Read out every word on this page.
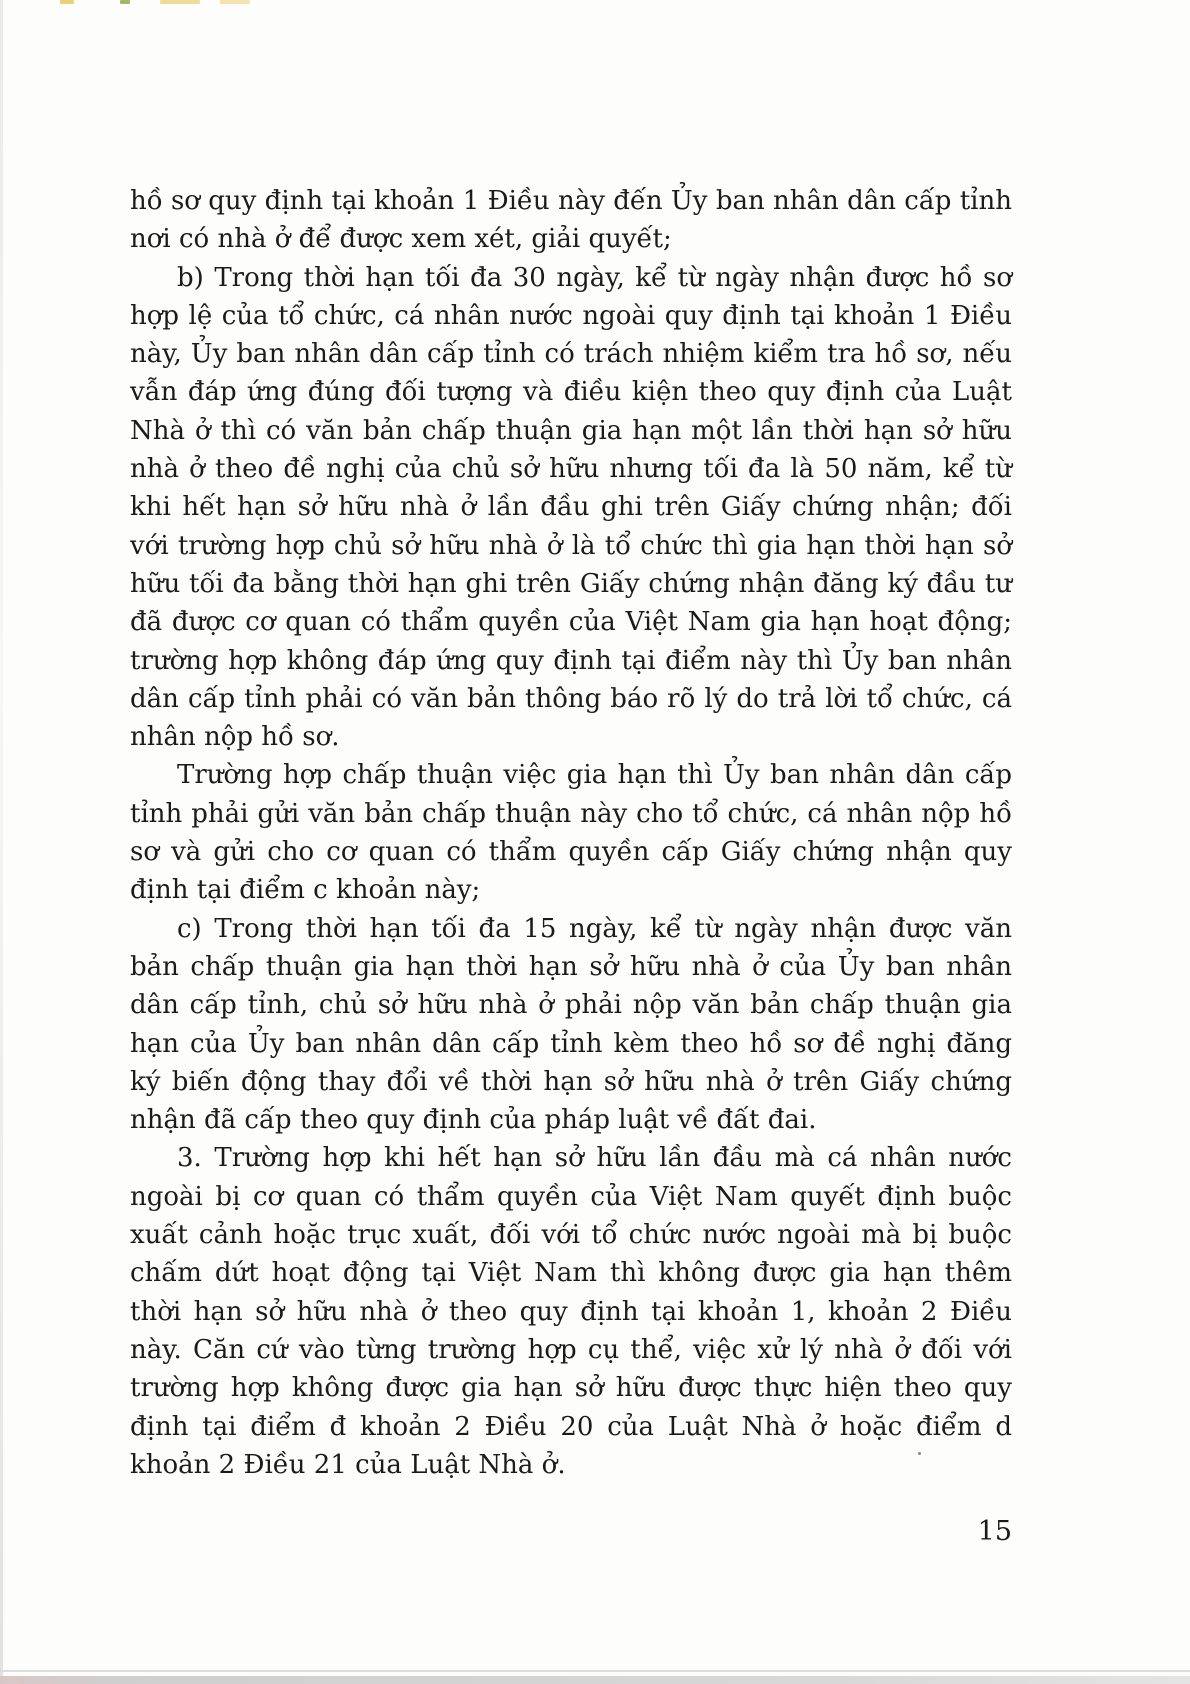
hồ sơ quy định tại khoản 1 Điều này đến Ủy ban nhân dân cấp tỉnh nơi có nhà ở để được xem xét, giải quyết;

b) Trong thời hạn tối đa 30 ngày, kể từ ngày nhận được hồ sơ hợp lệ của tổ chức, cá nhân nước ngoài quy định tại khoản 1 Điều này, Ủy ban nhân dân cấp tỉnh có trách nhiệm kiểm tra hồ sơ, nếu vẫn đáp ứng đúng đối tượng và điều kiện theo quy định của Luật Nhà ở thì có văn bản chấp thuận gia hạn một lần thời hạn sở hữu nhà ở theo đề nghị của chủ sở hữu nhưng tối đa là 50 năm, kể từ khi hết hạn sở hữu nhà ở lần đầu ghi trên Giấy chứng nhận; đối với trường hợp chủ sở hữu nhà ở là tổ chức thì gia hạn thời hạn sở hữu tối đa bằng thời hạn ghi trên Giấy chứng nhận đăng ký đầu tư đã được cơ quan có thẩm quyền của Việt Nam gia hạn hoạt động; trường hợp không đáp ứng quy định tại điểm này thì Ủy ban nhân dân cấp tỉnh phải có văn bản thông báo rõ lý do trả lời tổ chức, cá nhân nộp hồ sơ.

Trường hợp chấp thuận việc gia hạn thì Ủy ban nhân dân cấp tỉnh phải gửi văn bản chấp thuận này cho tổ chức, cá nhân nộp hồ sơ và gửi cho cơ quan có thẩm quyền cấp Giấy chứng nhận quy định tại điểm c khoản này;

c) Trong thời hạn tối đa 15 ngày, kể từ ngày nhận được văn bản chấp thuận gia hạn thời hạn sở hữu nhà ở của Ủy ban nhân dân cấp tỉnh, chủ sở hữu nhà ở phải nộp văn bản chấp thuận gia hạn của Ủy ban nhân dân cấp tỉnh kèm theo hồ sơ đề nghị đăng ký biến động thay đổi về thời hạn sở hữu nhà ở trên Giấy chứng nhận đã cấp theo quy định của pháp luật về đất đai.

3. Trường hợp khi hết hạn sở hữu lần đầu mà cá nhân nước ngoài bị cơ quan có thẩm quyền của Việt Nam quyết định buộc xuất cảnh hoặc trục xuất, đối với tổ chức nước ngoài mà bị buộc chấm dứt hoạt động tại Việt Nam thì không được gia hạn thêm thời hạn sở hữu nhà ở theo quy định tại khoản 1, khoản 2 Điều này. Căn cứ vào từng trường hợp cụ thể, việc xử lý nhà ở đối với trường hợp không được gia hạn sở hữu được thực hiện theo quy định tại điểm đ khoản 2 Điều 20 của Luật Nhà ở hoặc điểm d khoản 2 Điều 21 của Luật Nhà ở.

15
